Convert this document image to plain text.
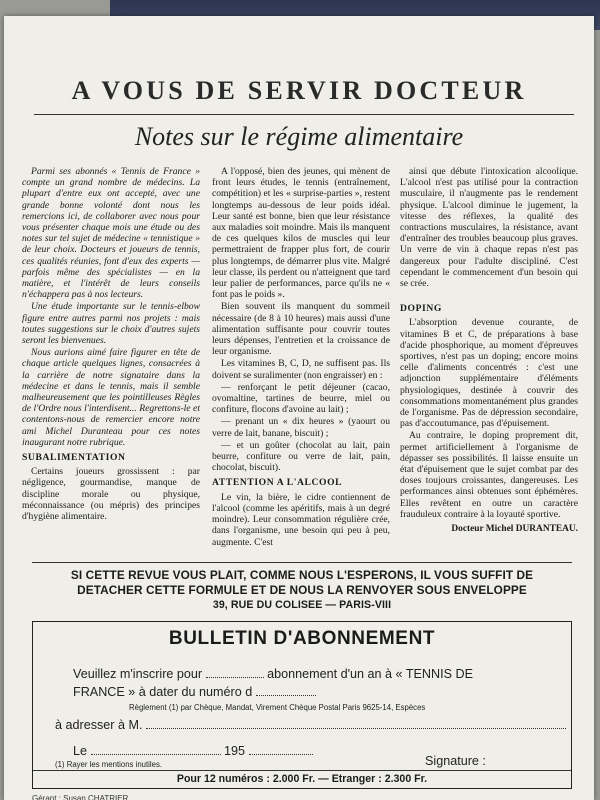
A VOUS DE SERVIR DOCTEUR
Notes sur le régime alimentaire

Parmi ses abonnés « Tennis de France » compte un grand nombre de médecins. La plupart d'entre eux ont accepté, avec une grande bonne volonté dont nous les remercions ici, de collaborer avec nous pour vous présenter chaque mois une étude ou des notes sur tel sujet de médecine « tennistique » de leur choix. Docteurs et joueurs de tennis, ces qualités réunies, font d'eux des experts — parfois même des spécialistes — en la matière, et l'intérêt de leurs conseils n'échappera pas à nos lecteurs.

Une étude importante sur le tennis-elbow figure entre autres parmi nos projets : mais toutes suggestions sur le choix d'autres sujets seront les bienvenues.

Nous aurions aimé faire figurer en tête de chaque article quelques lignes, consacrées à la carrière de notre signataire dans la médecine et dans le tennis, mais il semble malheureusement que les pointilleuses Règles de l'Ordre nous l'interdisent... Regrettons-le et contentons-nous de remercier encore notre ami Michel Duranteau pour ces notes inaugurant notre rubrique.

SUBALIMENTATION

Certains joueurs grossissent : par négligence, gourmandise, manque de discipline morale ou physique, méconnaissance (ou mépris) des principes d'hygiène alimentaire.

A l'opposé, bien des jeunes, qui mènent de front leurs études, le tennis (entraînement, compétition) et les « surprise-parties », restent longtemps au-dessous de leur poids idéal. Leur santé est bonne, bien que leur résistance aux maladies soit moindre. Mais ils manquent de ces quelques kilos de muscles qui leur permettraient de frapper plus fort, de courir plus longtemps, de démarrer plus vite. Malgré leur classe, ils perdent ou n'atteignent que tard leur palier de performances, parce qu'ils ne « font pas le poids ».

Bien souvent ils manquent du sommeil nécessaire (de 8 à 10 heures) mais aussi d'une alimentation suffisante pour couvrir toutes leurs dépenses, l'entretien et la croissance de leur organisme.

Les vitamines B, C, D, ne suffisent pas. Ils doivent se suralimenter (non engraisser) en :

— renforçant le petit déjeuner (cacao, ovomaltine, tartines de beurre, miel ou confiture, flocons d'avoine au lait) ;

— prenant un « dix heures » (yaourt ou verre de lait, banane, biscuit) ;

— et un goûter (chocolat au lait, pain beurre, confiture ou verre de lait, pain, chocolat, biscuit).

ATTENTION A L'ALCOOL

Le vin, la bière, le cidre contiennent de l'alcool (comme les apéritifs, mais à un degré moindre). Leur consommation régulière crée, dans l'organisme, une besoin qui peu à peu, augmente. C'est

ainsi que débute l'intoxication alcoolique. L'alcool n'est pas utilisé pour la contraction musculaire, il n'augmente pas le rendement physique. L'alcool diminue le jugement, la vitesse des réflexes, la qualité des contractions musculaires, la résistance, avant d'entraîner des troubles beaucoup plus graves. Un verre de vin à chaque repas n'est pas dangereux pour l'adulte discipliné. C'est cependant le commencement d'un besoin qui se crée.

DOPING

L'absorption devenue courante, de vitamines B et C, de préparations à base d'acide phosphorique, au moment d'épreuves sportives, n'est pas un doping; encore moins celle d'aliments concentrés : c'est une adjonction supplémentaire d'éléments physiologiques, destinée à couvrir des consommations momentanément plus grandes de l'organisme. Pas de dépression secondaire, pas d'accoutumance, pas d'épuisement.

Au contraire, le doping proprement dit, permet artificiellement à l'organisme de dépasser ses possibilités. Il laisse ensuite un état d'épuisement que le sujet combat par des doses toujours croissantes, dangereuses. Les performances ainsi obtenues sont éphémères. Elles revêtent en outre un caractère frauduleux contraire à la loyauté sportive.

Docteur Michel DURANTEAU.
SI CETTE REVUE VOUS PLAIT, COMME NOUS L'ESPERONS, IL VOUS SUFFIT DE
DETACHER CETTE FORMULE ET DE NOUS LA RENVOYER SOUS ENVELOPPE
39, RUE DU COLISEE — PARIS-VIII
BULLETIN D'ABONNEMENT
Veuillez m'inscrire pour	abonnement d'un an à « TENNIS DE
FRANCE » à dater du numéro d
Règlement (1) par Chèque, Mandat, Virement Chèque Postal Paris 9625-14, Espèces
à adresser à M.
Le	195
Signature :
(1) Rayer les mentions inutiles.
Pour 12 numéros : 2.000 Fr. — Etranger : 2.300 Fr.
Gérant : Susan CHATRIER
